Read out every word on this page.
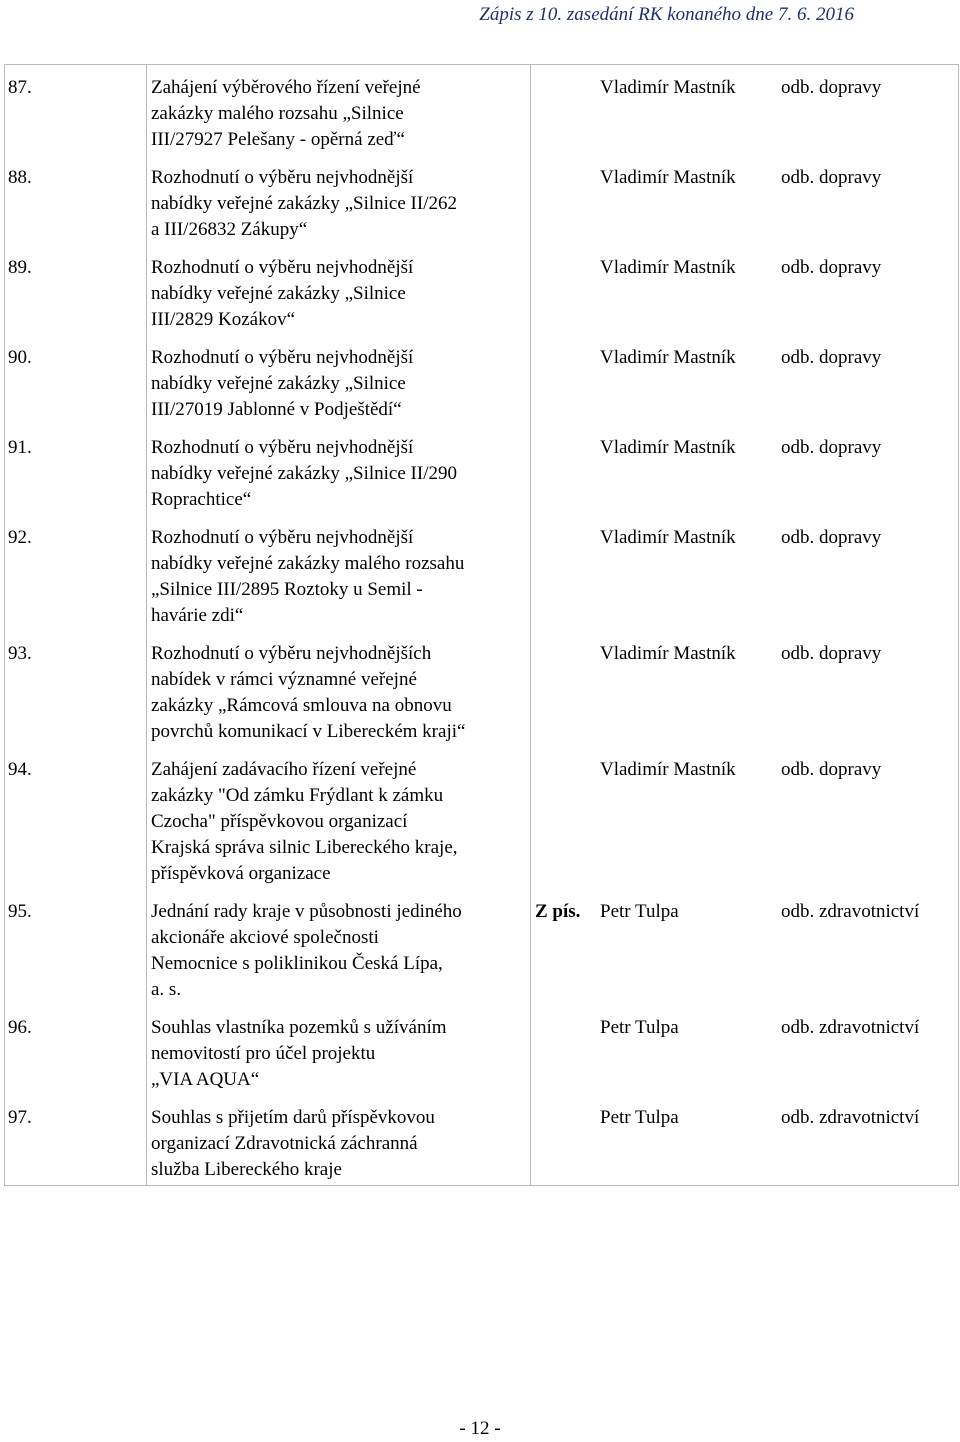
Zápis z 10. zasedání RK konaného dne 7. 6. 2016
87.	Zahájení výběrového řízení veřejné
zakázky malého rozsahu „Silnice
III/27927 Pelešany - opěrná zeď“
Vladimír Mastník odb. dopravy
88.	Rozhodnutí o výběru nejvhodnější
nabídky veřejné zakázky „Silnice II/262
a III/26832 Zákupy“
Vladimír Mastník odb. dopravy
89.	Rozhodnutí o výběru nejvhodnější
nabídky veřejné zakázky „Silnice
III/2829 Kozákov“
Vladimír Mastník odb. dopravy
90.	Rozhodnutí o výběru nejvhodnější
nabídky veřejné zakázky „Silnice
III/27019 Jablonné v Podještědí“
Vladimír Mastník odb. dopravy
91.	Rozhodnutí o výběru nejvhodnější
nabídky veřejné zakázky „Silnice II/290
Roprachtice“
Vladimír Mastník odb. dopravy
92.	Rozhodnutí o výběru nejvhodnější
nabídky veřejné zakázky malého rozsahu
„Silnice III/2895 Roztoky u Semil -
havárie zdi“
Vladimír Mastník odb. dopravy
93.	Rozhodnutí o výběru nejvhodnějších
nabídek v rámci významné veřejné
zakázky „Rámcová smlouva na obnovu
povrchů komunikací v Libereckém kraji“
Vladimír Mastník odb. dopravy
94.	Zahájení zadávacího řízení veřejné
zakázky "Od zámku Frýdlant k zámku
Czocha" příspěvkovou organizací
Krajská správa silnic Libereckého kraje,
příspěvková organizace
Vladimír Mastník odb. dopravy
95.	Jednání rady kraje v působnosti jediného
akcionáře akciové společnosti
Nemocnice s poliklinikou Česká Lípa,
a. s.
Z pís. Petr Tulpa	odb. zdravotnictví
96.	Souhlas vlastníka pozemků s užíváním
nemovitostí pro účel projektu
„VIA AQUA“
Petr Tulpa	odb. zdravotnictví
97.	Souhlas s přijetím darů příspěvkovou
organizací Zdravotnická záchranná
služba Libereckého kraje
Petr Tulpa	odb. zdravotnictví
- 12 -
